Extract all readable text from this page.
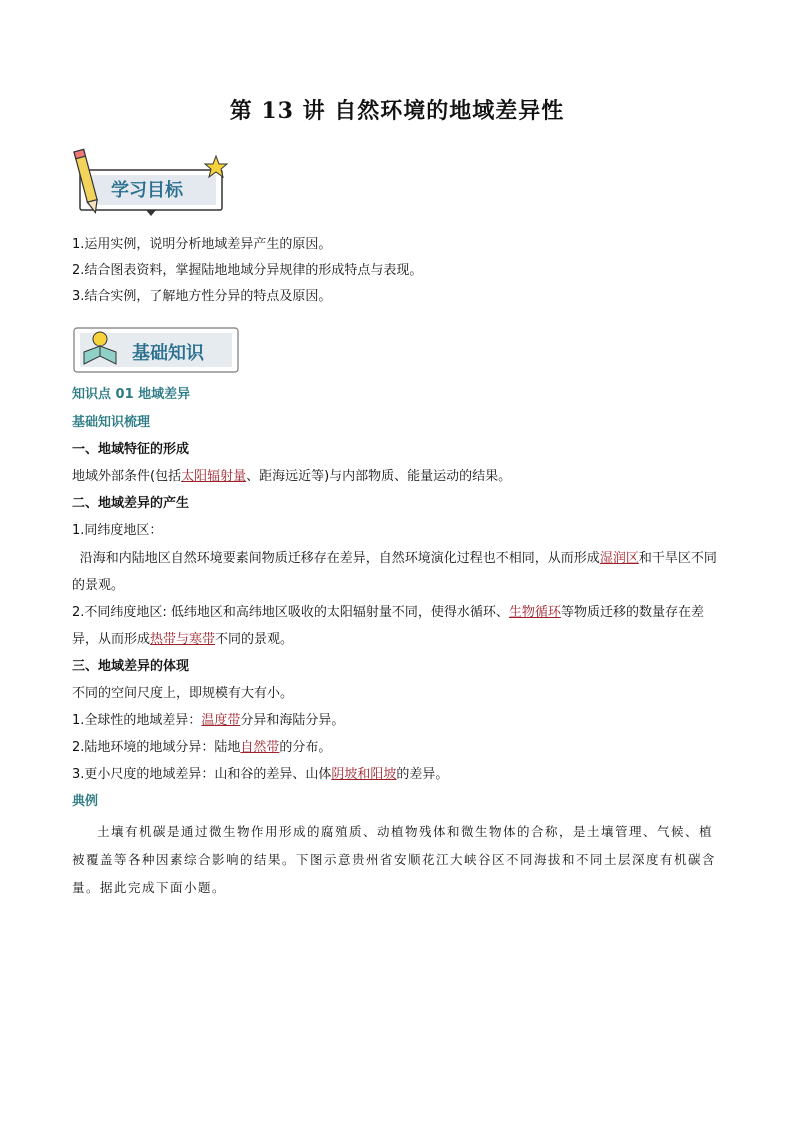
第 13 讲 自然环境的地域差异性
学习目标
1.运用实例，说明分析地域差异产生的原因。
2.结合图表资料，掌握陆地地域分异规律的形成特点与表现。
3.结合实例，了解地方性分异的特点及原因。
基础知识
知识点 01 地域差异
基础知识梳理
一、地域特征的形成
地域外部条件(包括太阳辐射量、距海远近等)与内部物质、能量运动的结果。
二、地域差异的产生
1.同纬度地区：
沿海和内陆地区自然环境要素间物质迁移存在差异，自然环境演化过程也不相同，从而形成湿润区和干旱区不同的景观。
2.不同纬度地区: 低纬地区和高纬地区吸收的太阳辐射量不同，使得水循环、生物循环等物质迁移的数量存在差异，从而形成热带与寒带不同的景观。
三、地域差异的体现
不同的空间尺度上，即规模有大有小。
1.全球性的地域差异：温度带分异和海陆分异。
2.陆地环境的地域分异：陆地自然带的分布。
3.更小尺度的地域差异：山和谷的差异、山体阴坡和阳坡的差异。
典例
土壤有机碳是通过微生物作用形成的腐殖质、动植物残体和微生物体的合称，是土壤管理、气候、植被覆盖等各种因素综合影响的结果。下图示意贵州省安顺花江大峡谷区不同海拔和不同土层深度有机碳含量。据此完成下面小题。
